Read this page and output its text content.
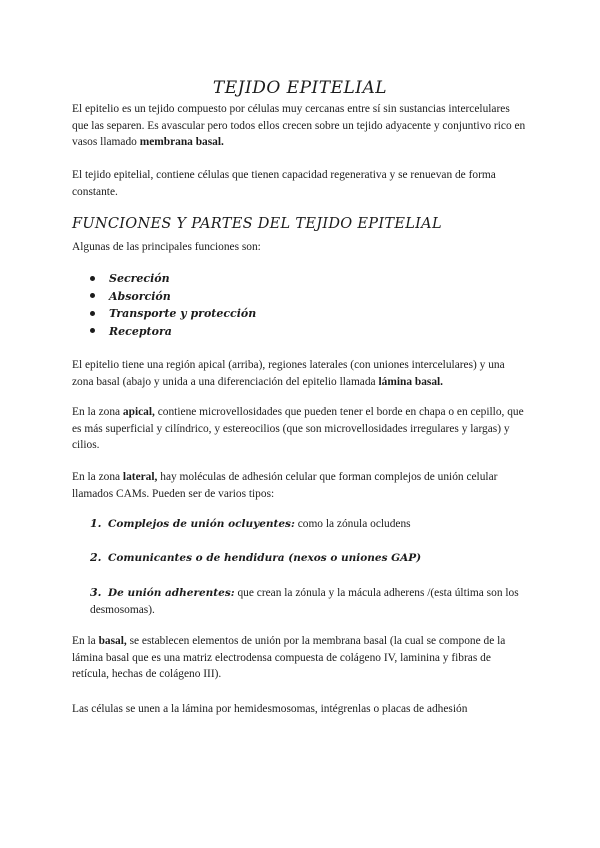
TEJIDO EPITELIAL

El epitelio es un tejido compuesto por células muy cercanas entre sí sin sustancias intercelulares que las separen. Es avascular pero todos ellos crecen sobre un tejido adyacente y conjuntivo rico en vasos llamado membrana basal.

El tejido epitelial, contiene células que tienen capacidad regenerativa y se renuevan de forma constante.

FUNCIONES Y PARTES DEL TEJIDO EPITELIAL

Algunas de las principales funciones son:

Secreción
Absorción
Transporte y protección
Receptora

El epitelio tiene una región apical (arriba), regiones laterales (con uniones intercelulares) y una zona basal (abajo y unida a una diferenciación del epitelio llamada lámina basal.

En la zona apical, contiene microvellosidades que pueden tener el borde en chapa o en cepillo, que es más superficial y cilíndrico, y estereocilios (que son microvellosidades irregulares y largas) y cilios.

En la zona lateral, hay moléculas de adhesión celular que forman complejos de unión celular llamados CAMs. Pueden ser de varios tipos:

1. Complejos de unión ocluyentes: como la zónula ocludens
2. Comunicantes o de hendidura (nexos o uniones GAP)
3. De unión adherentes: que crean la zónula y la mácula adherens /(esta última son los desmosomas).

En la basal, se establecen elementos de unión por la membrana basal (la cual se compone de la lámina basal que es una matriz electrodensa compuesta de colágeno IV, laminina y fibras de retícula, hechas de colágeno III).

Las células se unen a la lámina por hemidesmosomas, intégrenlas o placas de adhesión
